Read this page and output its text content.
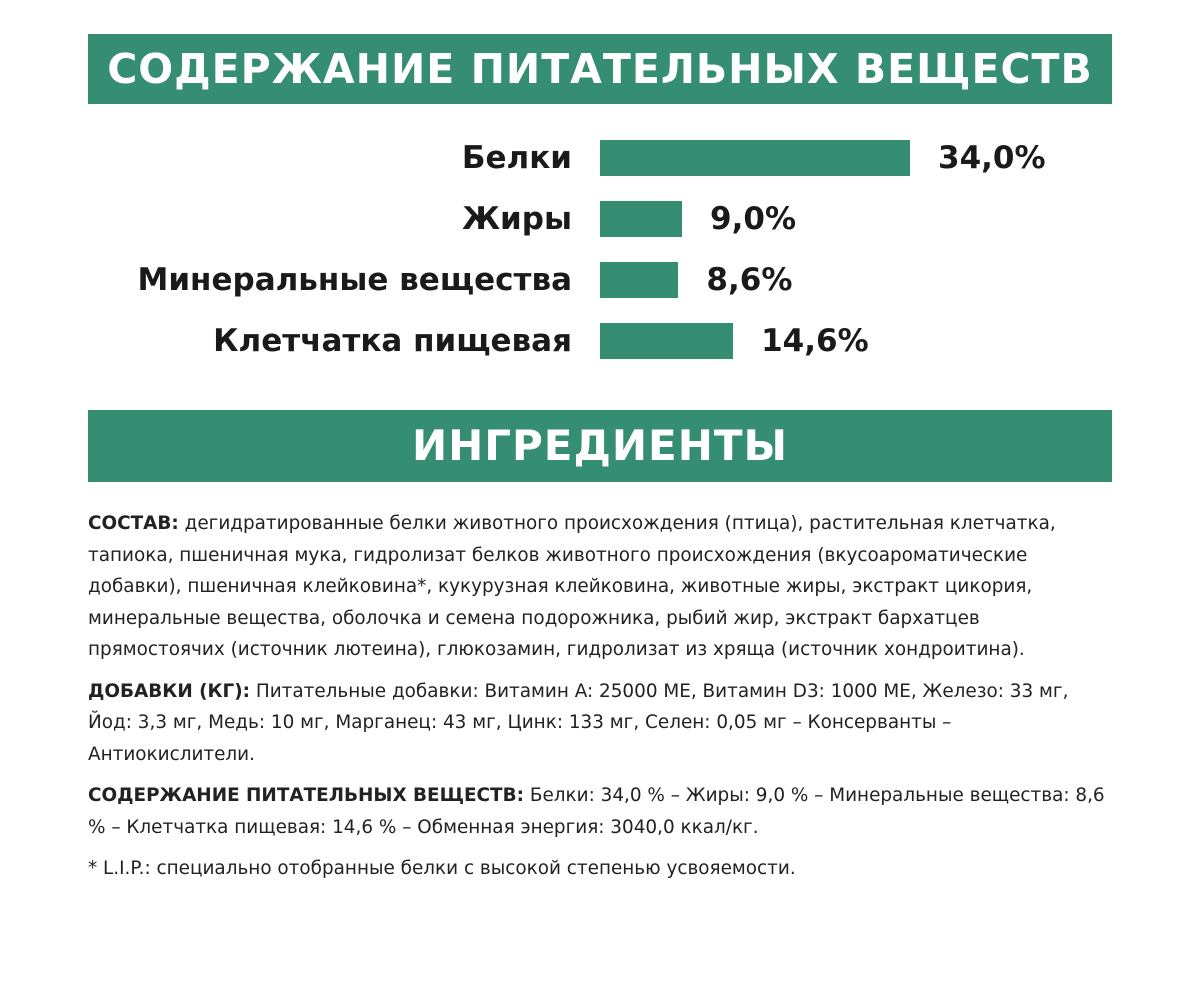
СОДЕРЖАНИЕ ПИТАТЕЛЬНЫХ ВЕЩЕСТВ
Белки	34,0%
Жиры	9,0%
Минеральные вещества	8,6%
Клетчатка пищевая	14,6%
ИНГРЕДИЕНТЫ

СОСТАВ: дегидратированные белки животного происхождения (птица), растительная клетчатка, тапиока, пшеничная мука, гидролизат белков животного происхождения (вкусоароматические добавки), пшеничная клейковина*, кукурузная клейковина, животные жиры, экстракт цикория, минеральные вещества, оболочка и семена подорожника, рыбий жир, экстракт бархатцев прямостоячих (источник лютеина), глюкозамин, гидролизат из хряща (источник хондроитина).

ДОБАВКИ (КГ): Питательные добавки: Витамин A: 25000 МЕ, Витамин D3: 1000 МЕ, Железо: 33 мг, Йод: 3,3 мг, Медь: 10 мг, Марганец: 43 мг, Цинк: 133 мг, Селен: 0,05 мг – Консерванты – Антиокислители.

СОДЕРЖАНИЕ ПИТАТЕЛЬНЫХ ВЕЩЕСТВ: Белки: 34,0 % – Жиры: 9,0 % – Минеральные вещества: 8,6 % – Клетчатка пищевая: 14,6 % – Обменная энергия: 3040,0 ккал/кг.

* L.I.P.: специально отобранные белки с высокой степенью усвояемости.
